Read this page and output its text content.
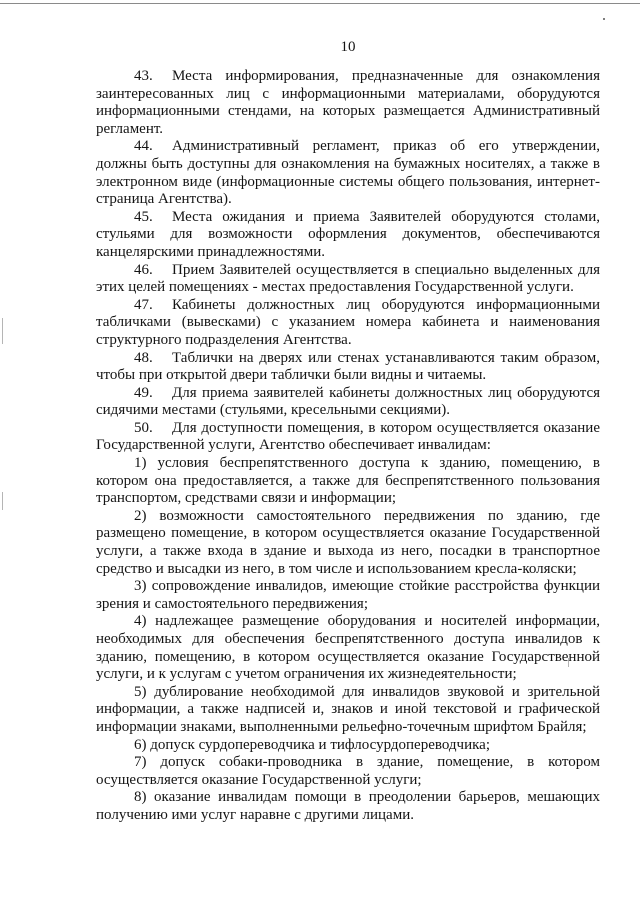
10
43. Места информирования, предназначенные для ознакомления
заинтересованных лиц с информационными материалами, оборудуются
информационными стендами, на которых размещается Административный
регламент.
44. Административный регламент, приказ об его утверждении,
должны быть доступны для ознакомления на бумажных носителях, а также в
электронном виде (информационные системы общего пользования, интернет-
страница Агентства).
45. Места ожидания и приема Заявителей оборудуются столами,
стульями для возможности оформления документов, обеспечиваются
канцелярскими принадлежностями.
46. Прием Заявителей осуществляется в специально выделенных для
этих целей помещениях - местах предоставления Государственной услуги.
47. Кабинеты должностных лиц оборудуются информационными
табличками (вывесками) с указанием номера кабинета и наименования
структурного подразделения Агентства.
48. Таблички на дверях или стенах устанавливаются таким образом,
чтобы при открытой двери таблички были видны и читаемы.
49. Для приема заявителей кабинеты должностных лиц оборудуются
сидячими местами (стульями, кресельными секциями).
50. Для доступности помещения, в котором осуществляется оказание
Государственной услуги, Агентство обеспечивает инвалидам:
1) условия беспрепятственного доступа к зданию, помещению, в
котором она предоставляется, а также для беспрепятственного пользования
транспортом, средствами связи и информации;
2) возможности самостоятельного передвижения по зданию, где
размещено помещение, в котором осуществляется оказание Государственной
услуги, а также входа в здание и выхода из него, посадки в транспортное
средство и высадки из него, в том числе и использованием кресла-коляски;
3) сопровождение инвалидов, имеющие стойкие расстройства функции
зрения и самостоятельного передвижения;
4) надлежащее размещение оборудования и носителей информации,
необходимых для обеспечения беспрепятственного доступа инвалидов к
зданию, помещению, в котором осуществляется оказание Государственной
услуги, и к услугам с учетом ограничения их жизнедеятельности;
5) дублирование необходимой для инвалидов звуковой и зрительной
информации, а также надписей и, знаков и иной текстовой и графической
информации знаками, выполненными рельефно-точечным шрифтом Брайля;
6) допуск сурдопереводчика и тифлосурдопереводчика;
7) допуск собаки-проводника в здание, помещение, в котором
осуществляется оказание Государственной услуги;
8) оказание инвалидам помощи в преодолении барьеров, мешающих
получению ими услуг наравне с другими лицами.
